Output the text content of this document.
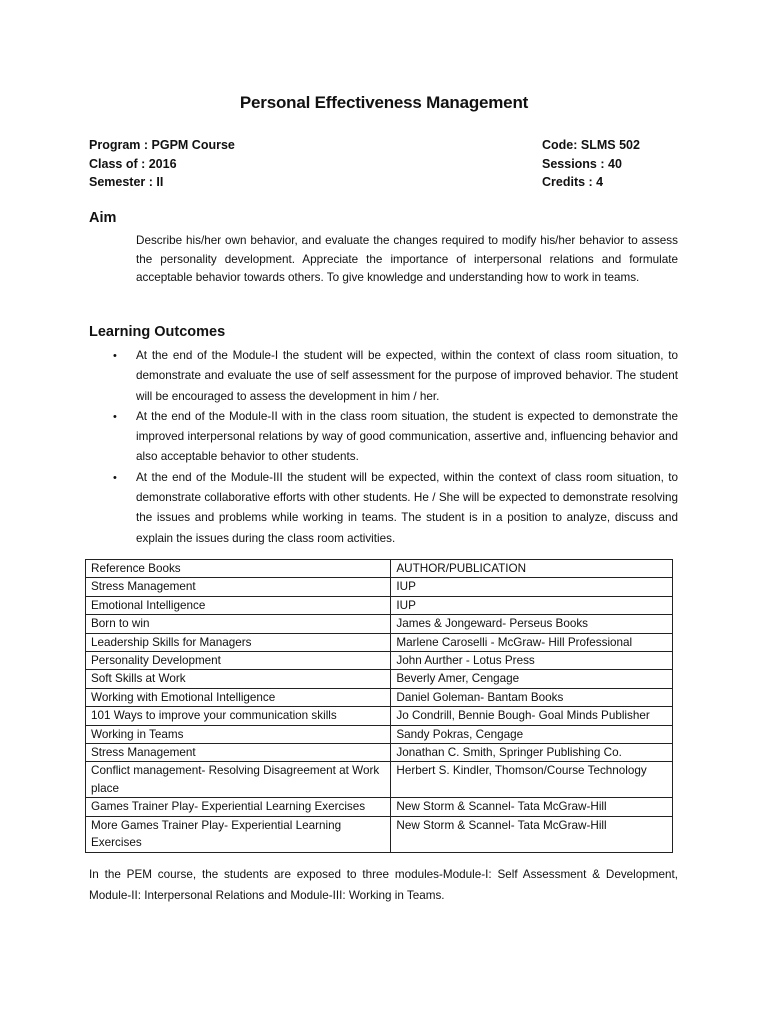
Personal Effectiveness Management
Program : PGPM Course
Class of : 2016
Semester : II
Code: SLMS 502
Sessions : 40
Credits : 4
Aim
Describe his/her own behavior, and evaluate the changes required to modify his/her behavior to assess the personality development. Appreciate the importance of interpersonal relations and formulate acceptable behavior towards others. To give knowledge and understanding how to work in teams.
Learning Outcomes
• At the end of the Module-I the student will be expected, within the context of class room situation, to demonstrate and evaluate the use of self assessment for the purpose of improved behavior. The student will be encouraged to assess the development in him / her.
• At the end of the Module-II with in the class room situation, the student is expected to demonstrate the improved interpersonal relations by way of good communication, assertive and, influencing behavior and also acceptable behavior to other students.
• At the end of the Module-III the student will be expected, within the context of class room situation, to demonstrate collaborative efforts with other students. He / She will be expected to demonstrate resolving the issues and problems while working in teams. The student is in a position to analyze, discuss and explain the issues during the class room activities.
Reference Books	AUTHOR/PUBLICATION
Stress Management	IUP
Emotional Intelligence	IUP
Born to win	James & Jongeward- Perseus Books
Leadership Skills for Managers	Marlene Caroselli - McGraw- Hill Professional
Personality Development	John Aurther - Lotus Press
Soft Skills at Work	Beverly Amer, Cengage
Working with Emotional Intelligence	Daniel Goleman- Bantam Books
101 Ways to improve your communication skills	Jo Condrill, Bennie Bough- Goal Minds Publisher
Working in Teams	Sandy Pokras, Cengage
Stress Management	Jonathan C. Smith, Springer Publishing Co.
Conflict management- Resolving Disagreement at Work place	Herbert S. Kindler, Thomson/Course Technology
Games Trainer Play- Experiential Learning Exercises	New Storm & Scannel- Tata McGraw-Hill
More Games Trainer Play- Experiential Learning Exercises	New Storm & Scannel- Tata McGraw-Hill
In the PEM course, the students are exposed to three modules-Module-I: Self Assessment & Development, Module-II: Interpersonal Relations and Module-III: Working in Teams.
